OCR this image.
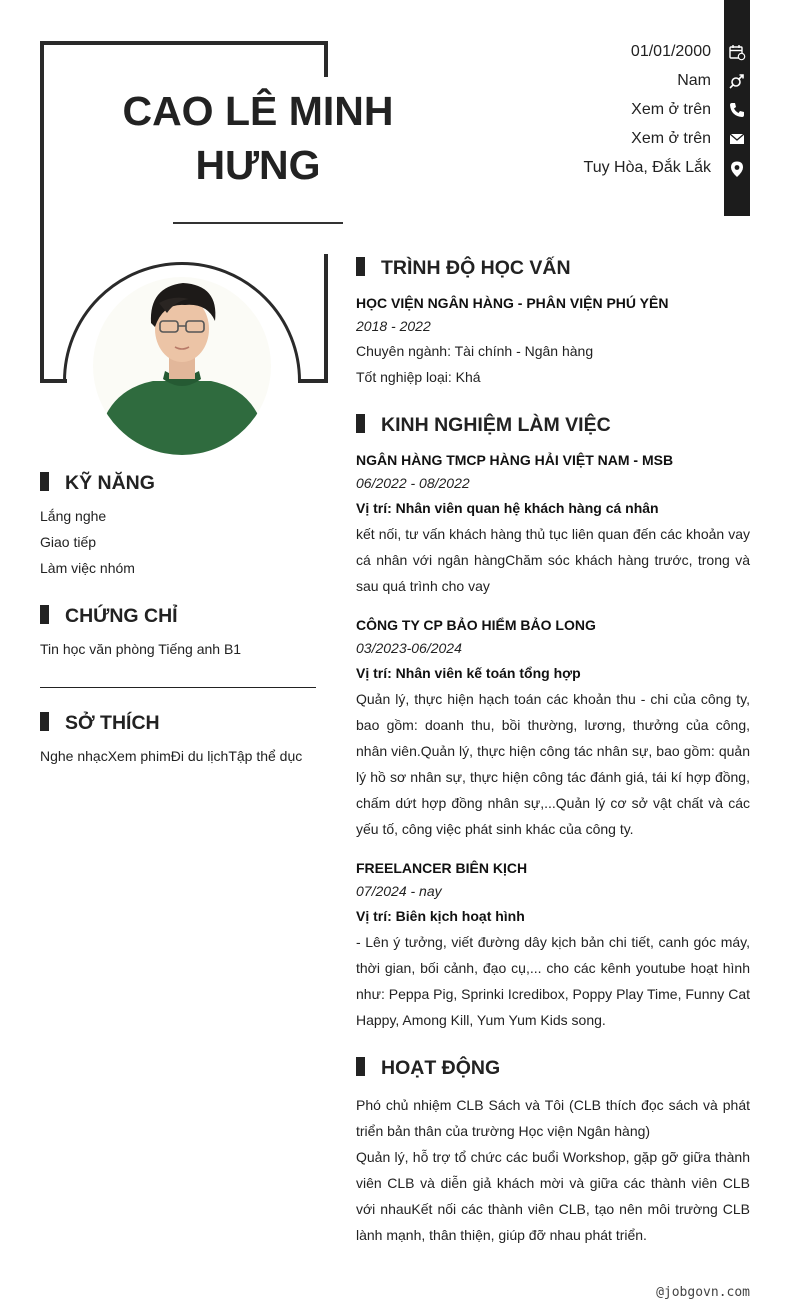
CAO LÊ MINH
HƯNG
01/01/2000
Nam
Xem ở trên
Xem ở trên
Tuy Hòa, Đắk Lắk
KỸ NĂNG
Lắng nghe
Giao tiếp
Làm việc nhóm
CHỨNG CHỈ
Tin học văn phòng Tiếng anh B1
SỞ THÍCH
Nghe nhạcXem phimĐi du lịchTập thể dục
TRÌNH ĐỘ HỌC VẤN
HỌC VIỆN NGÂN HÀNG - PHÂN VIỆN PHÚ YÊN
2018 - 2022
Chuyên ngành: Tài chính - Ngân hàng
Tốt nghiệp loại: Khá
KINH NGHIỆM LÀM VIỆC
NGÂN HÀNG TMCP HÀNG HẢI VIỆT NAM - MSB
06/2022 - 08/2022
Vị trí: Nhân viên quan hệ khách hàng cá nhân
kết nối, tư vấn khách hàng thủ tục liên quan đến các khoản vay cá nhân với ngân hàngChăm sóc khách hàng trước, trong và sau quá trình cho vay
CÔNG TY CP BẢO HIỂM BẢO LONG
03/2023-06/2024
Vị trí: Nhân viên kế toán tổng hợp
Quản lý, thực hiện hạch toán các khoản thu - chi của công ty, bao gồm: doanh thu, bồi thường, lương, thưởng của công, nhân viên.Quản lý, thực hiện công tác nhân sự, bao gồm: quản lý hồ sơ nhân sự, thực hiện công tác đánh giá, tái kí hợp đồng, chấm dứt hợp đồng nhân sự,...Quản lý cơ sở vật chất và các yếu tố, công việc phát sinh khác của công ty.
FREELANCER BIÊN KỊCH
07/2024 - nay
Vị trí: Biên kịch hoạt hình
- Lên ý tưởng, viết đường dây kịch bản chi tiết, canh góc máy, thời gian, bối cảnh, đạo cụ,... cho các kênh youtube hoạt hình như: Peppa Pig, Sprinki Icredibox, Poppy Play Time, Funny Cat Happy, Among Kill, Yum Yum Kids song.
HOẠT ĐỘNG
Phó chủ nhiệm CLB Sách và Tôi (CLB thích đọc sách và phát triển bản thân của trường Học viện Ngân hàng)
Quản lý, hỗ trợ tổ chức các buổi Workshop, gặp gỡ giữa thành viên CLB và diễn giả khách mời và giữa các thành viên CLB với nhauKết nối các thành viên CLB, tạo nên môi trường CLB lành mạnh, thân thiện, giúp đỡ nhau phát triển.
@jobgovn.com
